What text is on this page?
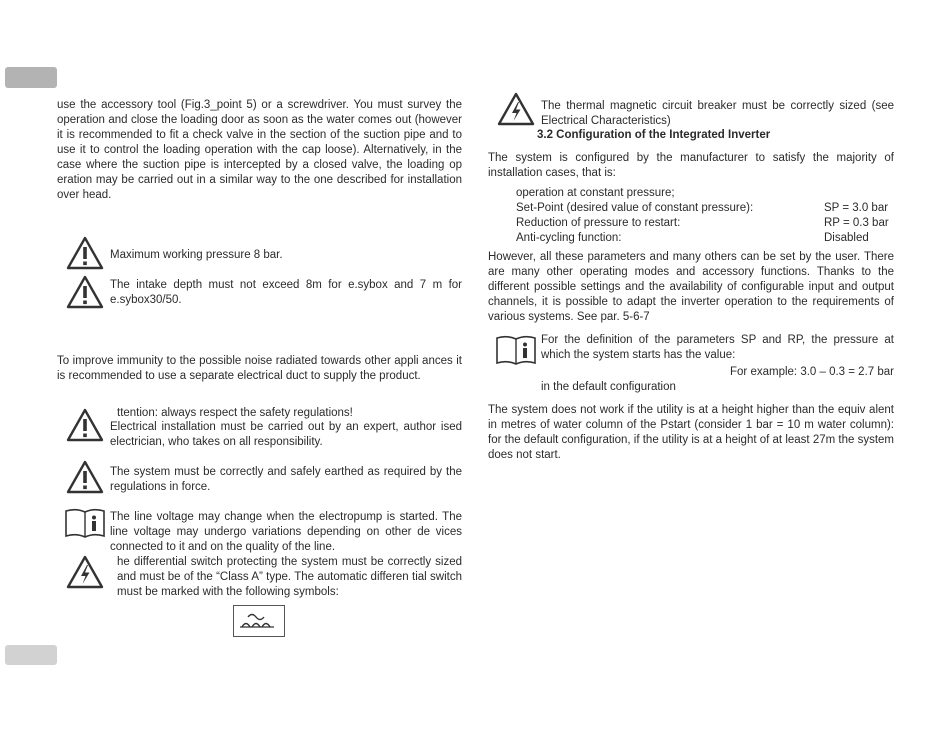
use the accessory tool (Fig.3_point 5) or a screwdriver. You must survey the operation and close the loading door as soon as the water comes out (however it is recommended to fit a check valve in the section of the suction pipe and to use it to control the loading operation with the cap loose). Alternatively, in the case where the suction pipe is intercepted by a closed valve, the loading op eration may be carried out in a similar way to the one described for installation over head.

Maximum working pressure 8 bar.

The intake depth must not exceed 8m for e.sybox and 7 m for e.sybox30/50.

To improve immunity to the possible noise radiated towards other appli ances it is recommended to use a separate electrical duct to supply the product.

ttention: always respect the safety regulations!

Electrical installation must be carried out by an expert, author ised electrician, who takes on all responsibility.

The system must be correctly and safely earthed as required by the regulations in force.

The line voltage may change when the electropump is started. The line voltage may undergo variations depending on other de vices connected to it and on the quality of the line.

he differential switch protecting the system must be correctly sized and must be of the “Class A” type. The automatic differen tial switch must be marked with the following symbols:

The thermal magnetic circuit breaker must be correctly sized (see Electrical Characteristics)

3.2 Configuration of the Integrated Inverter

The system is configured by the manufacturer to satisfy the majority of installation cases, that is:

operation at constant pressure;
Set-Point (desired value of constant pressure):	SP = 3.0 bar
Reduction of pressure to restart:	RP = 0.3 bar
Anti-cycling function:	Disabled

However, all these parameters and many others can be set by the user. There are many other operating modes and accessory functions. Thanks to the different possible settings and the availability of configurable input and output channels, it is possible to adapt the inverter operation to the requirements of various systems. See par. 5-6-7

For the definition of the parameters SP and RP, the pressure at which the system starts has the value:

For example: 3.0 – 0.3 = 2.7 bar
in the default configuration

The system does not work if the utility is at a height higher than the equiv alent in metres of water column of the Pstart (consider 1 bar = 10 m water column): for the default configuration, if the utility is at a height of at least 27m the system does not start.
